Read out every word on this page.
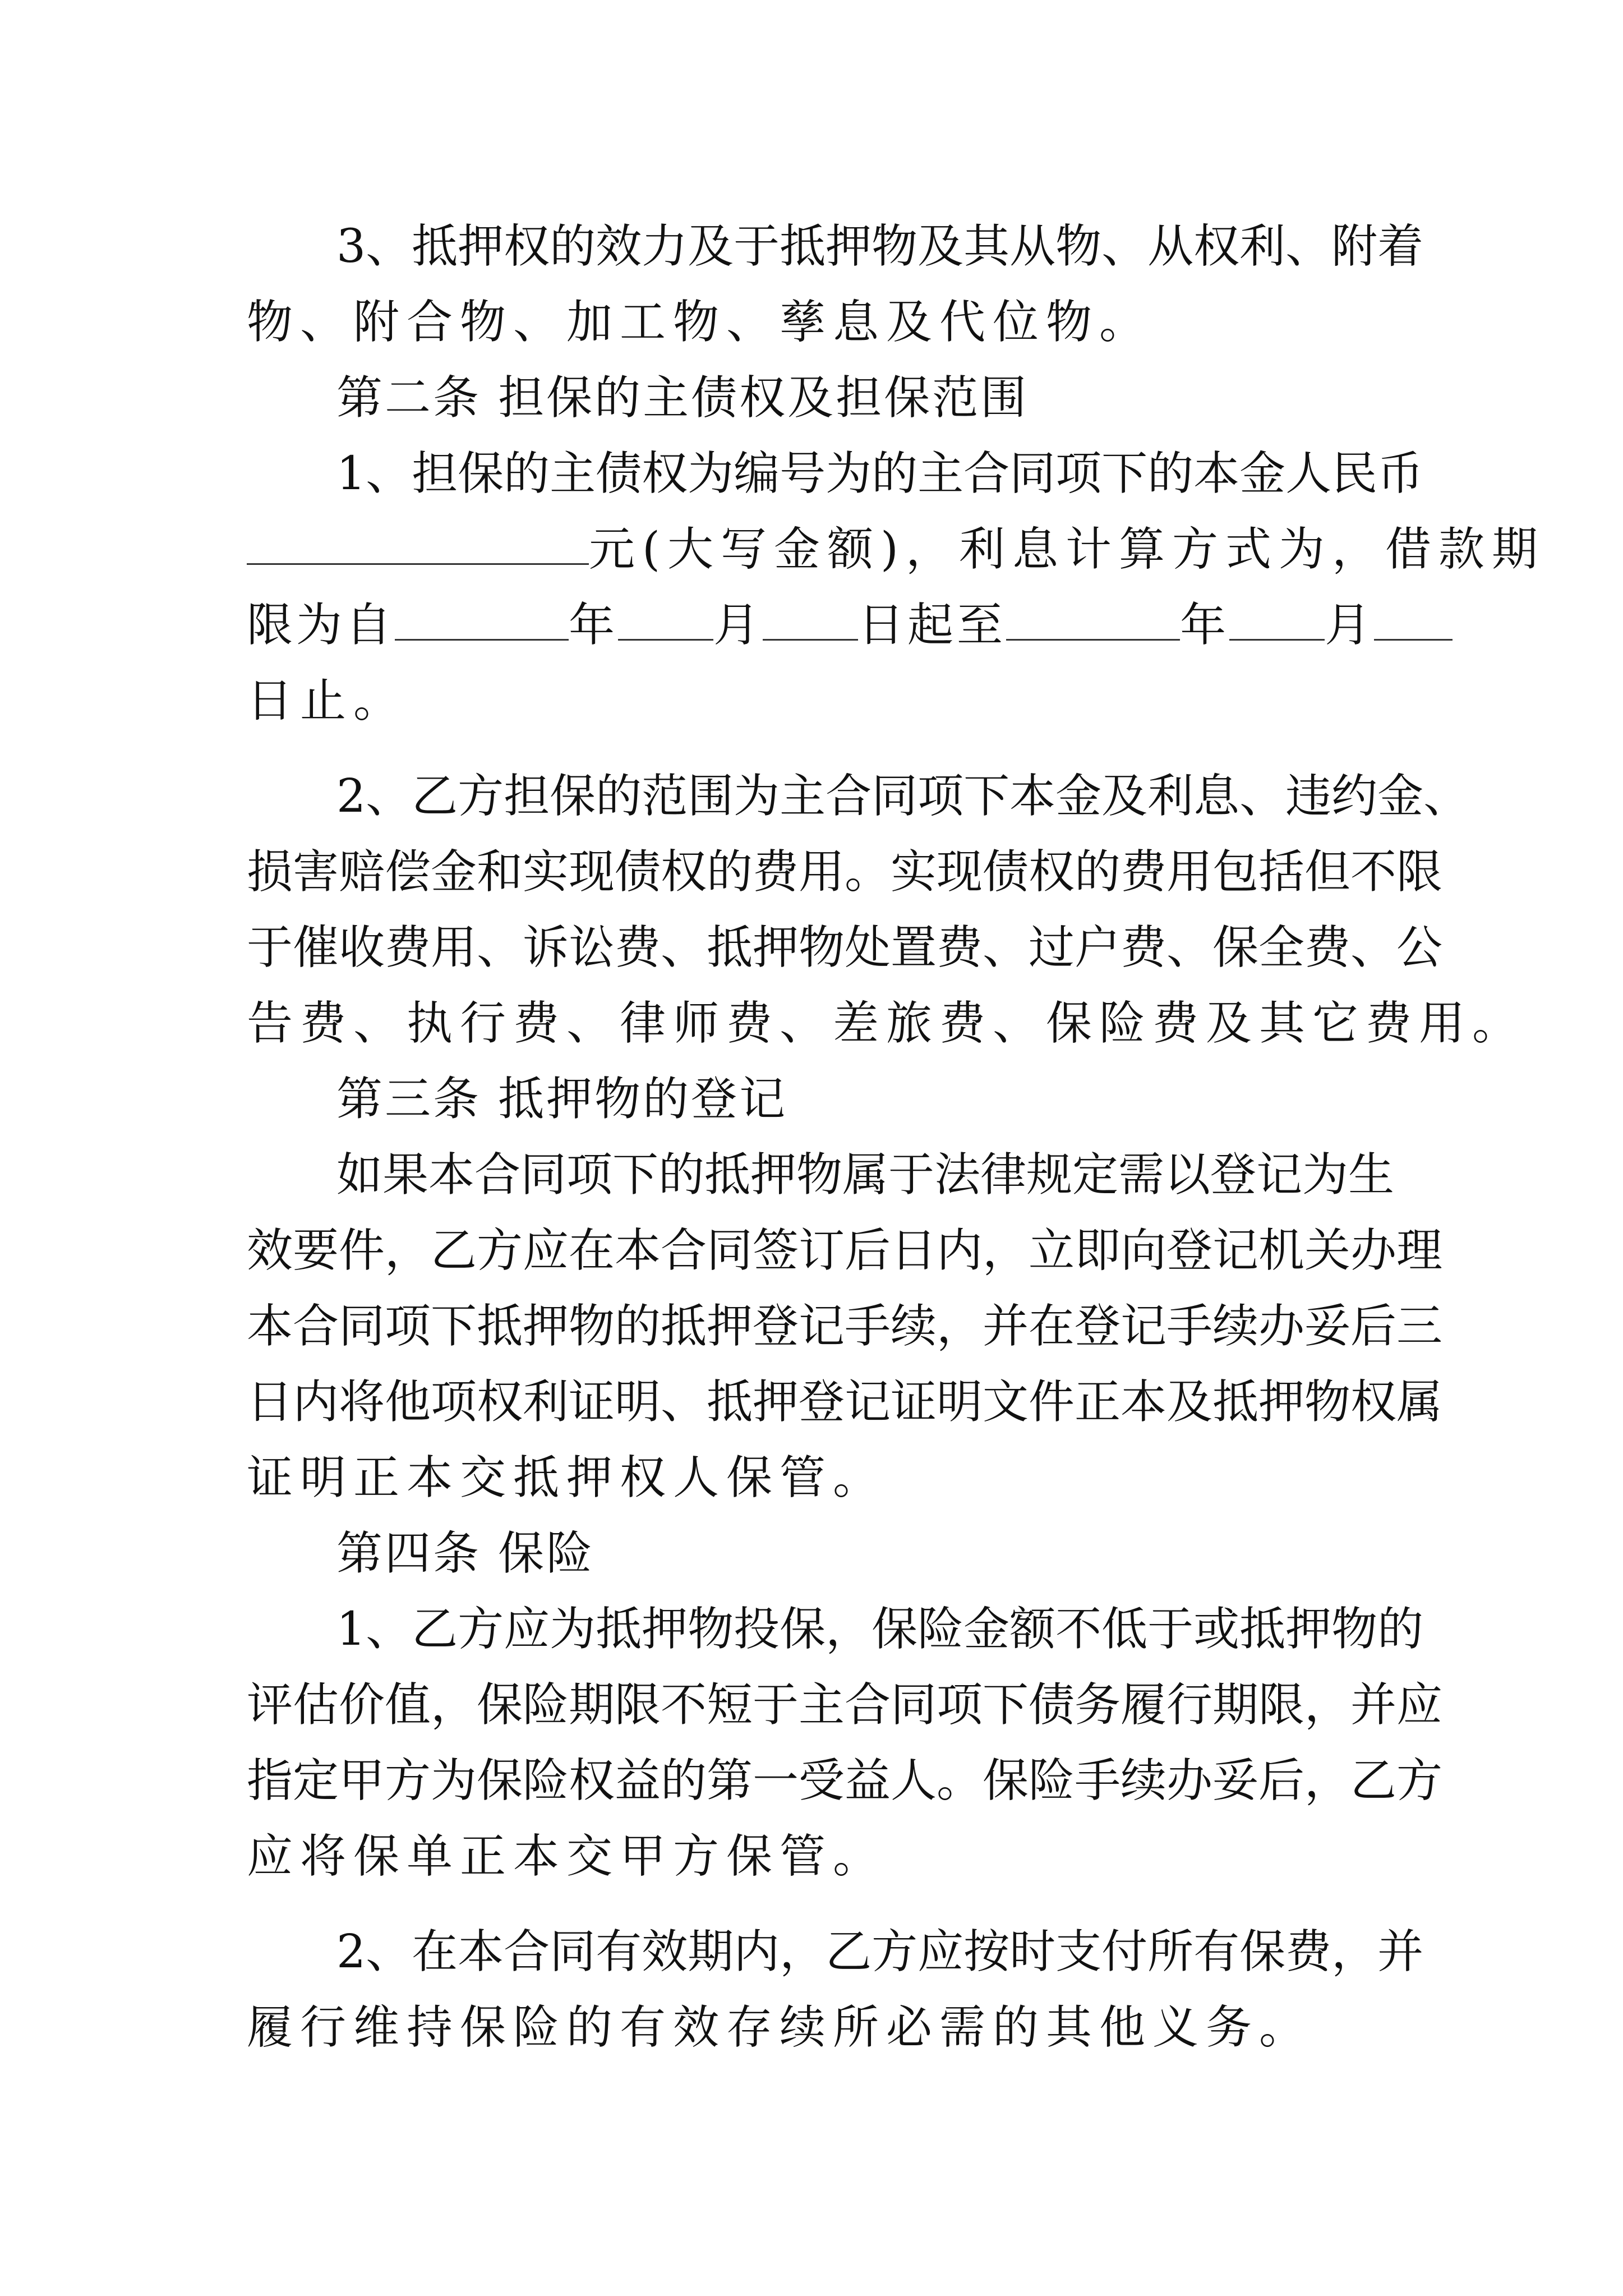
3、抵押权的效力及于抵押物及其从物、从权利、附着
物、附合物、加工物、孳息及代位物。
第二条 担保的主债权及担保范围
1、担保的主债权为编号为的主合同项下的本金人民币
元(大写金额)，利息计算方式为，借款期
限为自	年 月 日起至	年 月
日止。
2、乙方担保的范围为主合同项下本金及利息、违约金、
损害赔偿金和实现债权的费用。实现债权的费用包括但不限
于催收费用、诉讼费、抵押物处置费、过户费、保全费、公
告费、执行费、律师费、差旅费、保险费及其它费用。
第三条 抵押物的登记
如果本合同项下的抵押物属于法律规定需以登记为生
效要件，乙方应在本合同签订后日内，立即向登记机关办理
本合同项下抵押物的抵押登记手续，并在登记手续办妥后三
日内将他项权利证明、抵押登记证明文件正本及抵押物权属
证明正本交抵押权人保管。
第四条 保险
1、乙方应为抵押物投保，保险金额不低于或抵押物的
评估价值，保险期限不短于主合同项下债务履行期限，并应
指定甲方为保险权益的第一受益人。保险手续办妥后，乙方
应将保单正本交甲方保管。
2、在本合同有效期内，乙方应按时支付所有保费，并
履行维持保险的有效存续所必需的其他义务。
